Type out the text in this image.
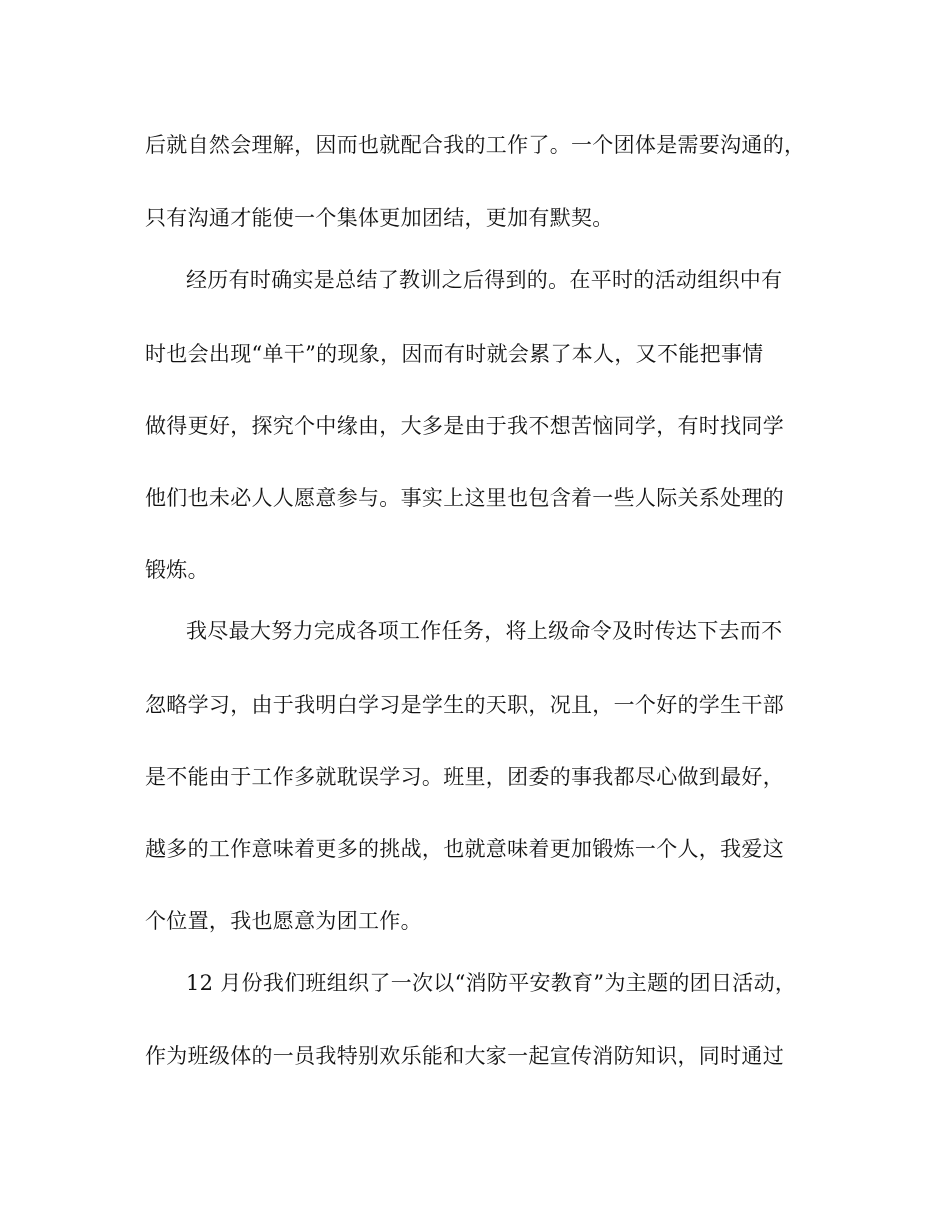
后就自然会理解，因而也就配合我的工作了。一个团体是需要沟通的，
只有沟通才能使一个集体更加团结，更加有默契。
经历有时确实是总结了教训之后得到的。在平时的活动组织中有
时也会出现“单干”的现象，因而有时就会累了本人，又不能把事情
做得更好，探究个中缘由，大多是由于我不想苦恼同学，有时找同学
他们也未必人人愿意参与。事实上这里也包含着一些人际关系处理的
锻炼。
我尽最大努力完成各项工作任务，将上级命令及时传达下去而不
忽略学习，由于我明白学习是学生的天职，况且，一个好的学生干部
是不能由于工作多就耽误学习。班里，团委的事我都尽心做到最好，
越多的工作意味着更多的挑战，也就意味着更加锻炼一个人，我爱这
个位置，我也愿意为团工作。
12 月份我们班组织了一次以“消防平安教育”为主题的团日活动，
作为班级体的一员我特别欢乐能和大家一起宣传消防知识，同时通过
